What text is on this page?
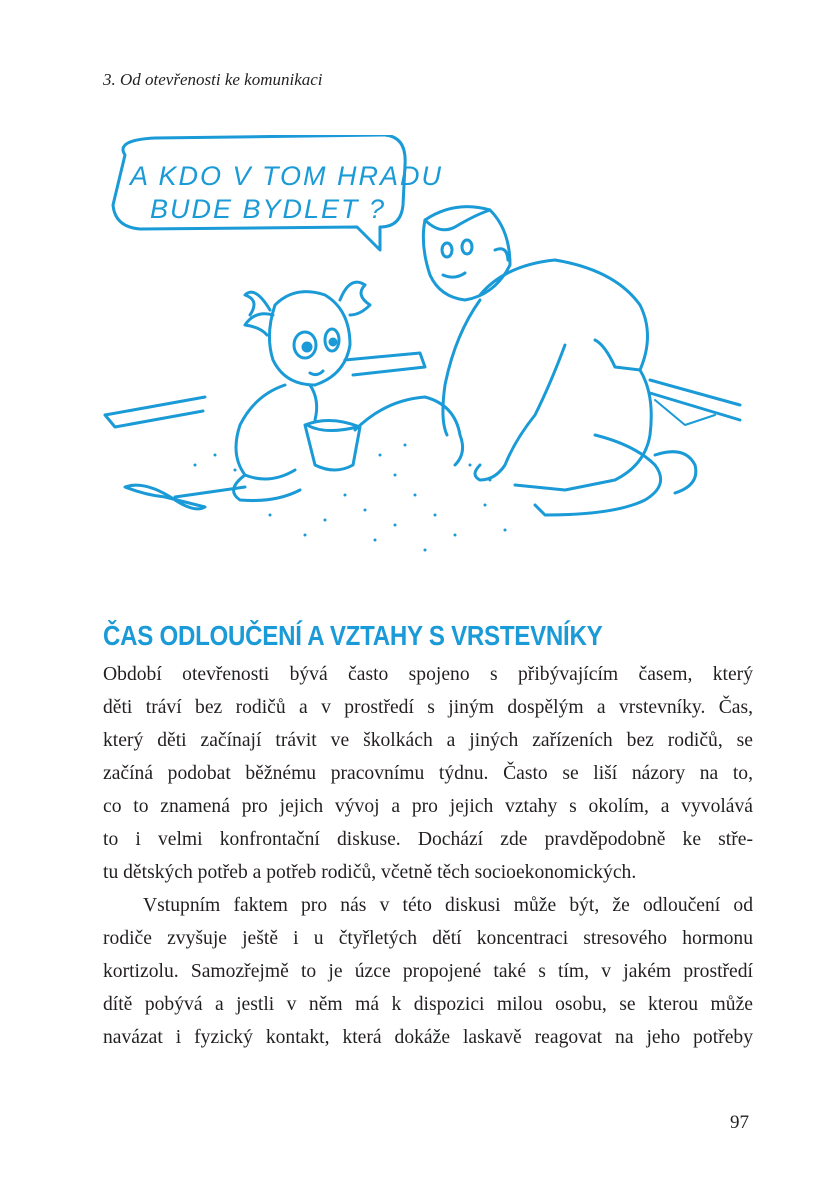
3. Od otevřenosti ke komunikaci
A KDO V TOM HRADU
BUDE BYDLET ?
ČAS ODLOUČENÍ A VZTAHY S VRSTEVNÍKY
Období otevřenosti bývá často spojeno s přibývajícím časem, který
děti tráví bez rodičů a v prostředí s jiným dospělým a vrstevníky. Čas,
který děti začínají trávit ve školkách a jiných zařízeních bez rodičů, se
začíná podobat běžnému pracovnímu týdnu. Často se liší názory na to,
co to znamená pro jejich vývoj a pro jejich vztahy s okolím, a vyvolává
to i velmi konfrontační diskuse. Dochází zde pravděpodobně ke stře-
tu dětských potřeb a potřeb rodičů, včetně těch socioekonomických.
Vstupním faktem pro nás v této diskusi může být, že odloučení od
rodiče zvyšuje ještě i u čtyřletých dětí koncentraci stresového hormonu
kortizolu. Samozřejmě to je úzce propojené také s tím, v jakém prostředí
dítě pobývá a jestli v něm má k dispozici milou osobu, se kterou může
navázat i fyzický kontakt, která dokáže laskavě reagovat na jeho potřeby
97
